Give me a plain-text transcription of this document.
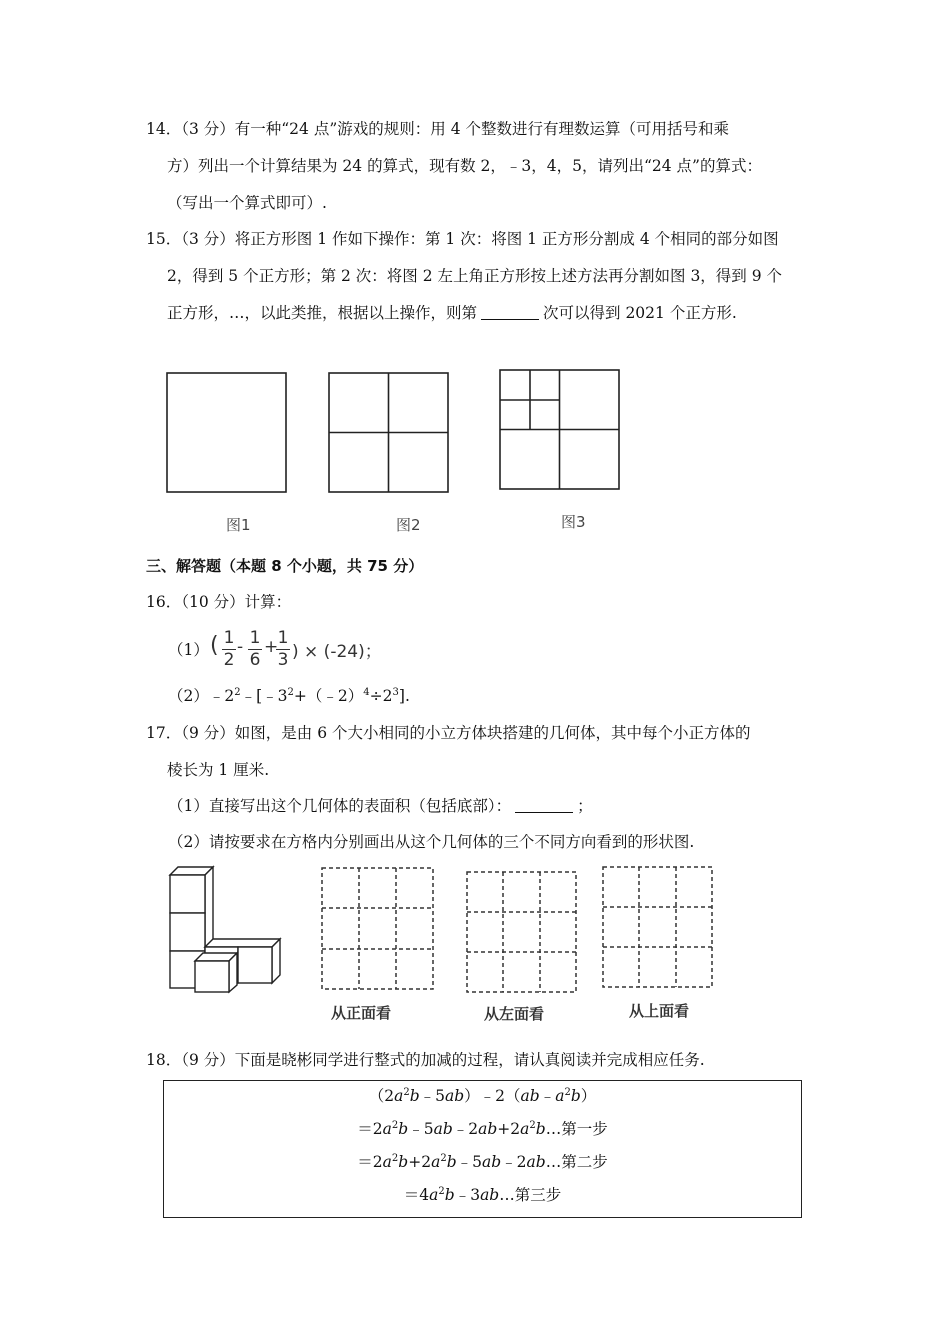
14．（3 分）有一种“24 点”游戏的规则：用 4 个整数进行有理数运算（可用括号和乘
方）列出一个计算结果为 24 的算式，现有数 2，﹣3，4，5，请列出“24 点”的算式：
（写出一个算式即可）.
15．（3 分）将正方形图 1 作如下操作：第 1 次：将图 1 正方形分割成 4 个相同的部分如图
2，得到 5 个正方形；第 2 次：将图 2 左上角正方形按上述方法再分割如图 3，得到 9 个
正方形，…，以此类推，根据以上操作，则第	次可以得到 2021 个正方形.
图1	图2	图3
三、解答题（本题 8 个小题，共 75 分）
16．（10 分）计算：
（1） ( 1
2
- 1
6
+ 1
3 ) × (-24)；
$(2)﹣2^2﹣[﹣3^2+(﹣2)^4\div 2^3]$.
17．（9 分）如图，是由 6 个大小相同的小立方体块搭建的几何体，其中每个小正方体的
棱长为 1 厘米.
（1）直接写出这个几何体的表面积（包括底部）：	；
（2）请按要求在方格内分别画出从这个几何体的三个不同方向看到的形状图.
从正面看	从左面看	从上面看
18．（9 分）下面是晓彬同学进行整式的加减的过程，请认真阅读并完成相应任务.
$(2a^2b﹣5ab)﹣2(ab﹣a^2b)$
$=2a^2b﹣5ab﹣2ab+2a^2b\dots$第一步
$=2a^2b+2a^2b﹣5ab﹣2ab\dots$第二步
$=4a^2b﹣3ab\dots$第三步
